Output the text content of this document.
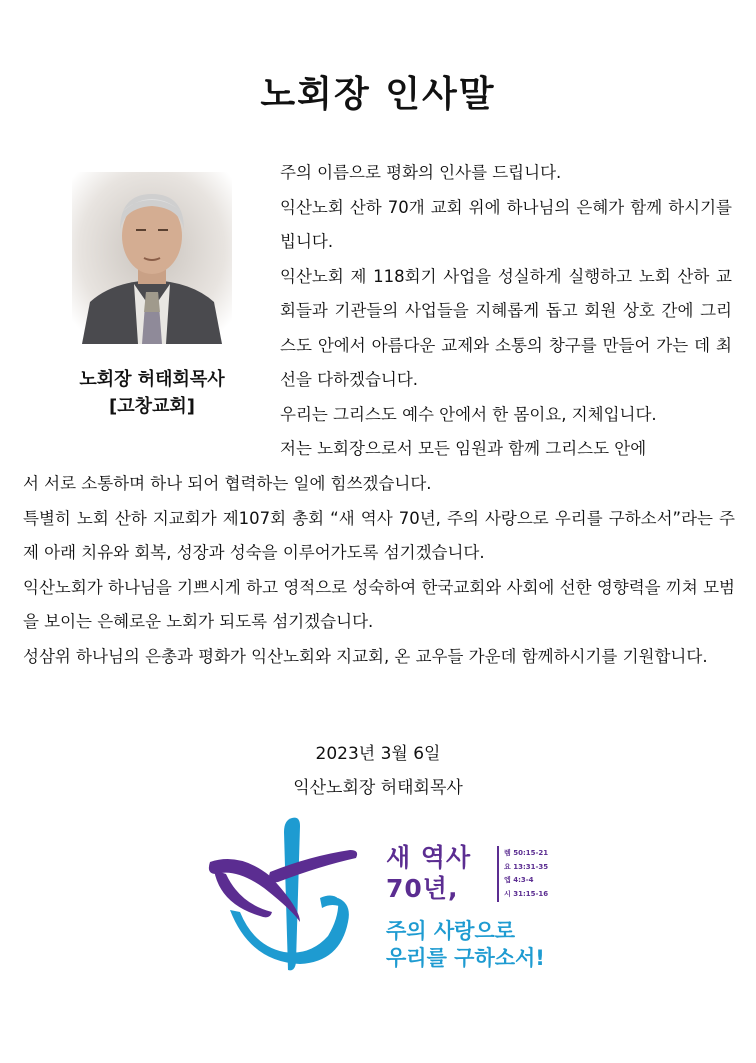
노회장 인사말
노회장 허태회목사
[고창교회]

주의 이름으로 평화의 인사를 드립니다.

익산노회 산하 70개 교회 위에 하나님의 은혜가 함께 하시기를 빕니다.

익산노회 제 118회기 사업을 성실하게 실행하고 노회 산하 교회들과 기관들의 사업들을 지혜롭게 돕고 회원 상호 간에 그리스도 안에서 아름다운 교제와 소통의 창구를 만들어 가는 데 최선을 다하겠습니다.

우리는 그리스도 예수 안에서 한 몸이요, 지체입니다.

저는 노회장으로서 모든 임원과 함께 그리스도 안에

서 서로 소통하며 하나 되어 협력하는 일에 힘쓰겠습니다.

특별히 노회 산하 지교회가 제107회 총회 “새 역사 70년, 주의 사랑으로 우리를 구하소서”라는 주제 아래 치유와 회복, 성장과 성숙을 이루어가도록 섬기겠습니다.

익산노회가 하나님을 기쁘시게 하고 영적으로 성숙하여 한국교회와 사회에 선한 영향력을 끼쳐 모범을 보이는 은혜로운 노회가 되도록 섬기겠습니다.

성삼위 하나님의 은총과 평화가 익산노회와 지교회, 온 교우들 가운데 함께하시기를 기원합니다.

2023년 3월 6일
익산노회장 허태회목사
새 역사
70년,
렘 50:15-21
요 13:31-35
엡 4:3-4
시 31:15-16
주의 사랑으로
우리를 구하소서!
